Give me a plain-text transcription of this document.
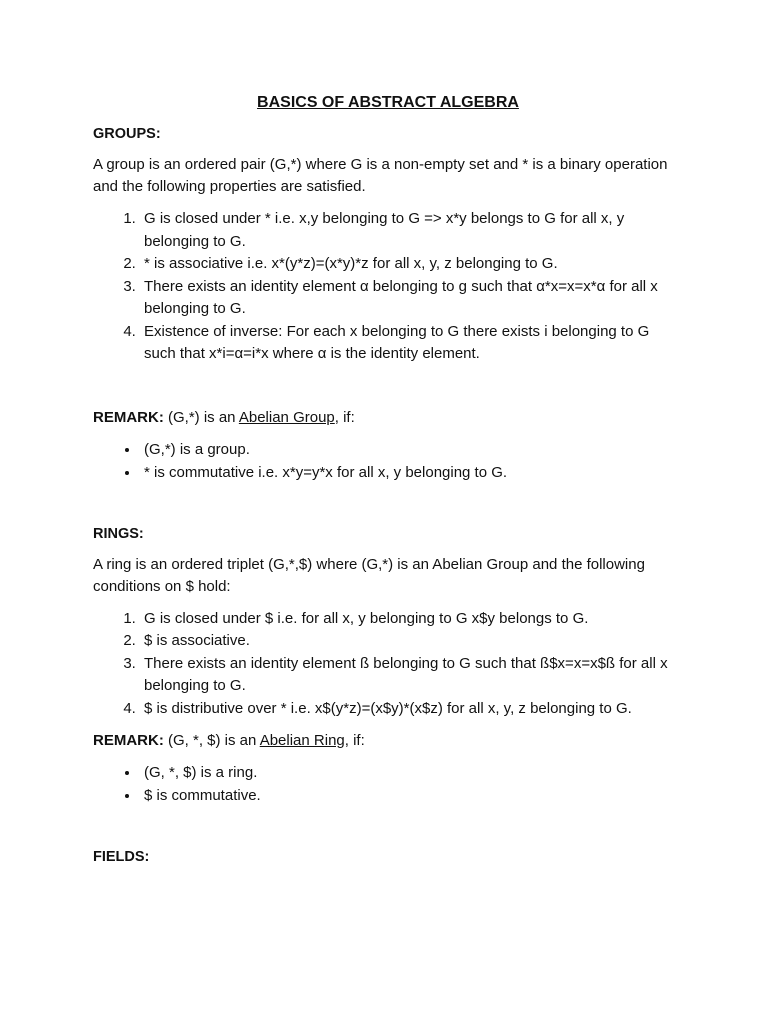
BASICS OF ABSTRACT ALGEBRA
GROUPS:

A group is an ordered pair (G,*) where G is a non-empty set and * is a binary operation and the following properties are satisfied.

1. G is closed under * i.e. x,y belonging to G => x*y belongs to G for all x, y belonging to G.
2. * is associative i.e. x*(y*z)=(x*y)*z for all x, y, z belonging to G.
3. There exists an identity element α belonging to g such that α*x=x=x*α for all x belonging to G.
4. Existence of inverse: For each x belonging to G there exists i belonging to G such that x*i=α=i*x where α is the identity element.

REMARK: (G,*) is an Abelian Group, if:

• (G,*) is a group.
• * is commutative i.e. x*y=y*x for all x, y belonging to G.
RINGS:

A ring is an ordered triplet (G,*,$) where (G,*) is an Abelian Group and the following conditions on $ hold:

1. G is closed under $ i.e. for all x, y belonging to G x$y belongs to G.
2. $ is associative.
3. There exists an identity element ß belonging to G such that ß$x=x=x$ß for all x belonging to G.
4. $ is distributive over * i.e. x$(y*z)=(x$y)*(x$z) for all x, y, z belonging to G.

REMARK: (G, *, $) is an Abelian Ring, if:

• (G, *, $) is a ring.
• $ is commutative.
FIELDS:
